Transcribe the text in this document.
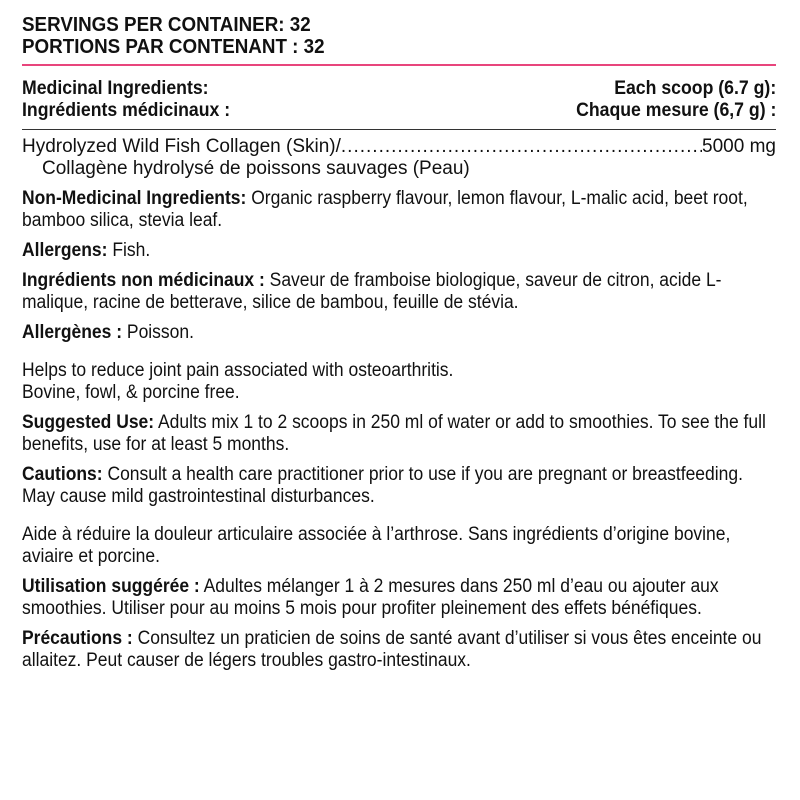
SERVINGS PER CONTAINER: 32
PORTIONS PAR CONTENANT : 32
Medicinal Ingredients:	Each scoop (6.7 g):
Ingrédients médicinaux :	Chaque mesure (6,7 g) :
Hydrolyzed Wild Fish Collagen (Skin)/
.....	5000 mg
Collagène hydrolysé de poissons sauvages (Peau)

Non-Medicinal Ingredients: Organic raspberry flavour, lemon flavour, L-malic acid, beet root, bamboo silica, stevia leaf.

Allergens: Fish.

Ingrédients non médicinaux : Saveur de framboise biologique, saveur de citron, acide L-malique, racine de betterave, silice de bambou, feuille de stévia.

Allergènes : Poisson.

Helps to reduce joint pain associated with osteoarthritis.

Bovine, fowl, & porcine free.

Suggested Use: Adults mix 1 to 2 scoops in 250 ml of water or add to smoothies. To see the full benefits, use for at least 5 months.

Cautions: Consult a health care practitioner prior to use if you are pregnant or breastfeeding. May cause mild gastrointestinal disturbances.

Aide à réduire la douleur articulaire associée à l’arthrose. Sans ingrédients d’origine bovine, aviaire et porcine.

Utilisation suggérée : Adultes mélanger 1 à 2 mesures dans 250 ml d’eau ou ajouter aux smoothies. Utiliser pour au moins 5 mois pour profiter pleinement des effets bénéfiques.

Précautions : Consultez un praticien de soins de santé avant d’utiliser si vous êtes enceinte ou allaitez. Peut causer de légers troubles gastro-intestinaux.
